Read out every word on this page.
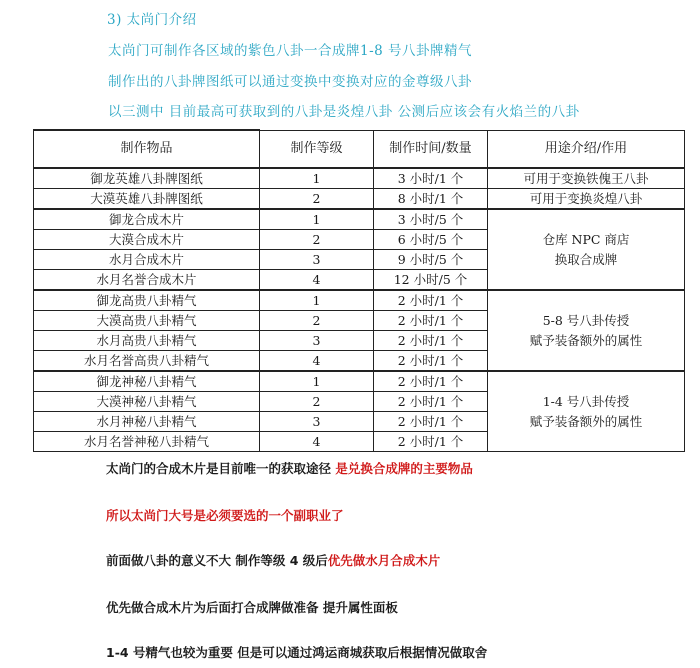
3) 太尚门介绍
太尚门可制作各区域的紫色八卦一合成牌1-8 号八卦牌精气
制作出的八卦牌图纸可以通过变换中变换对应的金尊级八卦
以三测中 目前最高可获取到的八卦是炎煌八卦 公测后应该会有火焰兰的八卦
制作物品	制作等级	制作时间/数量	用途介绍/作用
御龙英雄八卦牌图纸	1	3 小时/1 个	可用于变换铁傀王八卦
大漠英雄八卦牌图纸	2	8 小时/1 个	可用于变换炎煌八卦
御龙合成木片	1	3 小时/5 个	仓库 NPC 商店
换取合成牌

大漠合成木片	2	6 小时/5 个	
水月合成木片	3	9 小时/5 个	
水月名誉合成木片	4	12 小时/5 个	
御龙高贵八卦精气	1	2 小时/1 个	5-8 号八卦传授
赋予装备额外的属性

大漠高贵八卦精气	2	2 小时/1 个	
水月高贵八卦精气	3	2 小时/1 个	
水月名誉高贵八卦精气	4	2 小时/1 个	
御龙神秘八卦精气	1	2 小时/1 个	1-4 号八卦传授
赋予装备额外的属性

大漠神秘八卦精气	2	2 小时/1 个	
水月神秘八卦精气	3	2 小时/1 个	
水月名誉神秘八卦精气	4	2 小时/1 个	
太尚门的合成木片是目前唯一的获取途径 是兑换合成牌的主要物品
所以太尚门大号是必须要选的一个副职业了
前面做八卦的意义不大 制作等级 4 级后优先做水月合成木片
优先做合成木片为后面打合成牌做准备 提升属性面板
1-4 号精气也较为重要 但是可以通过鸿运商城获取后根据情况做取舍
